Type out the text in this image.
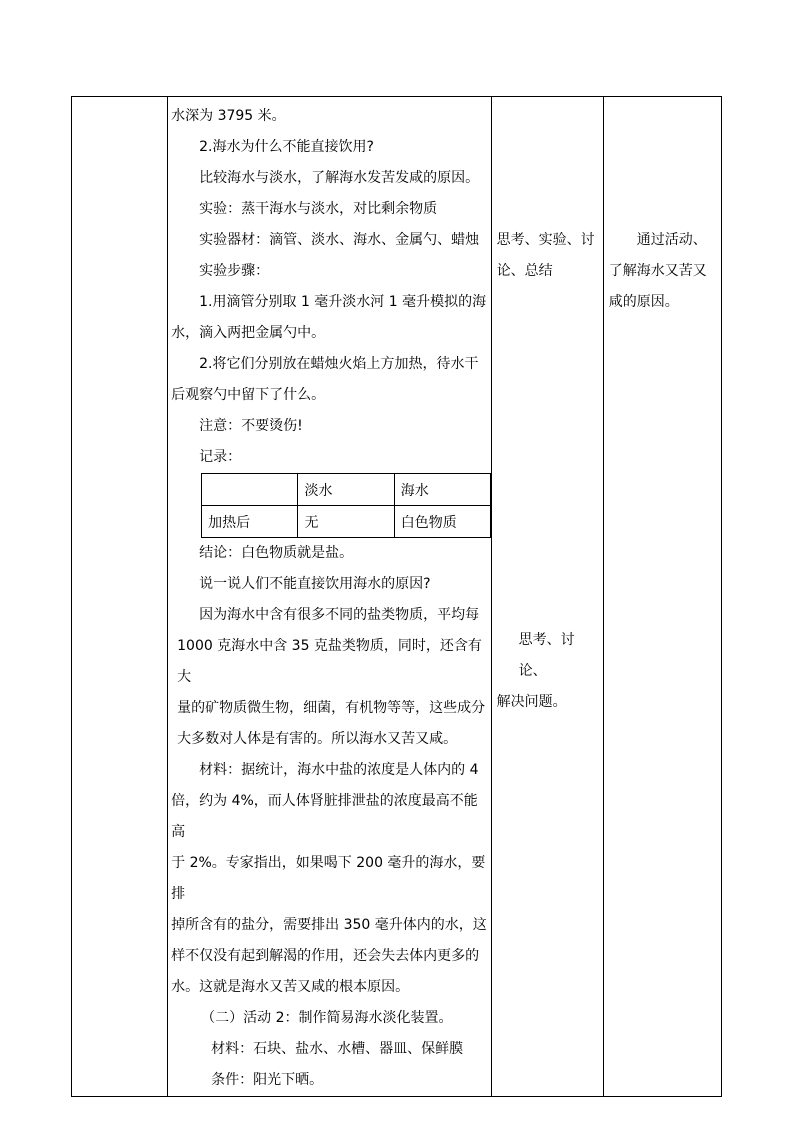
水深为 3795 米。

2.海水为什么不能直接饮用?

比较海水与淡水，了解海水发苦发咸的原因。

实验：蒸干海水与淡水，对比剩余物质

实验器材：滴管、淡水、海水、金属勺、蜡烛

实验步骤：

1.用滴管分别取 1 毫升淡水河 1 毫升模拟的海

水，滴入两把金属勺中。

2.将它们分别放在蜡烛火焰上方加热，待水干

后观察勺中留下了什么。

注意：不要烫伤!

记录：

	淡水	海水
加热后	无	白色物质

结论：白色物质就是盐。

说一说人们不能直接饮用海水的原因?

因为海水中含有很多不同的盐类物质，平均每

1000 克海水中含 35 克盐类物质，同时，还含有大

量的矿物质微生物，细菌，有机物等等，这些成分

大多数对人体是有害的。所以海水又苦又咸。

材料：据统计，海水中盐的浓度是人体内的 4

倍，约为 4%，而人体肾脏排泄盐的浓度最高不能高

于 2%。专家指出，如果喝下 200 毫升的海水，要排

掉所含有的盐分，需要排出 350 毫升体内的水，这

样不仅没有起到解渴的作用，还会失去体内更多的

水。这就是海水又苦又咸的根本原因。

（二）活动 2：制作简易海水淡化装置。

材料：石块、盐水、水槽、器皿、保鲜膜

条件：阳光下晒。

思考、实验、讨

论、总结

思考、讨论、

解决问题。

通过活动、

了解海水又苦又

咸的原因。
